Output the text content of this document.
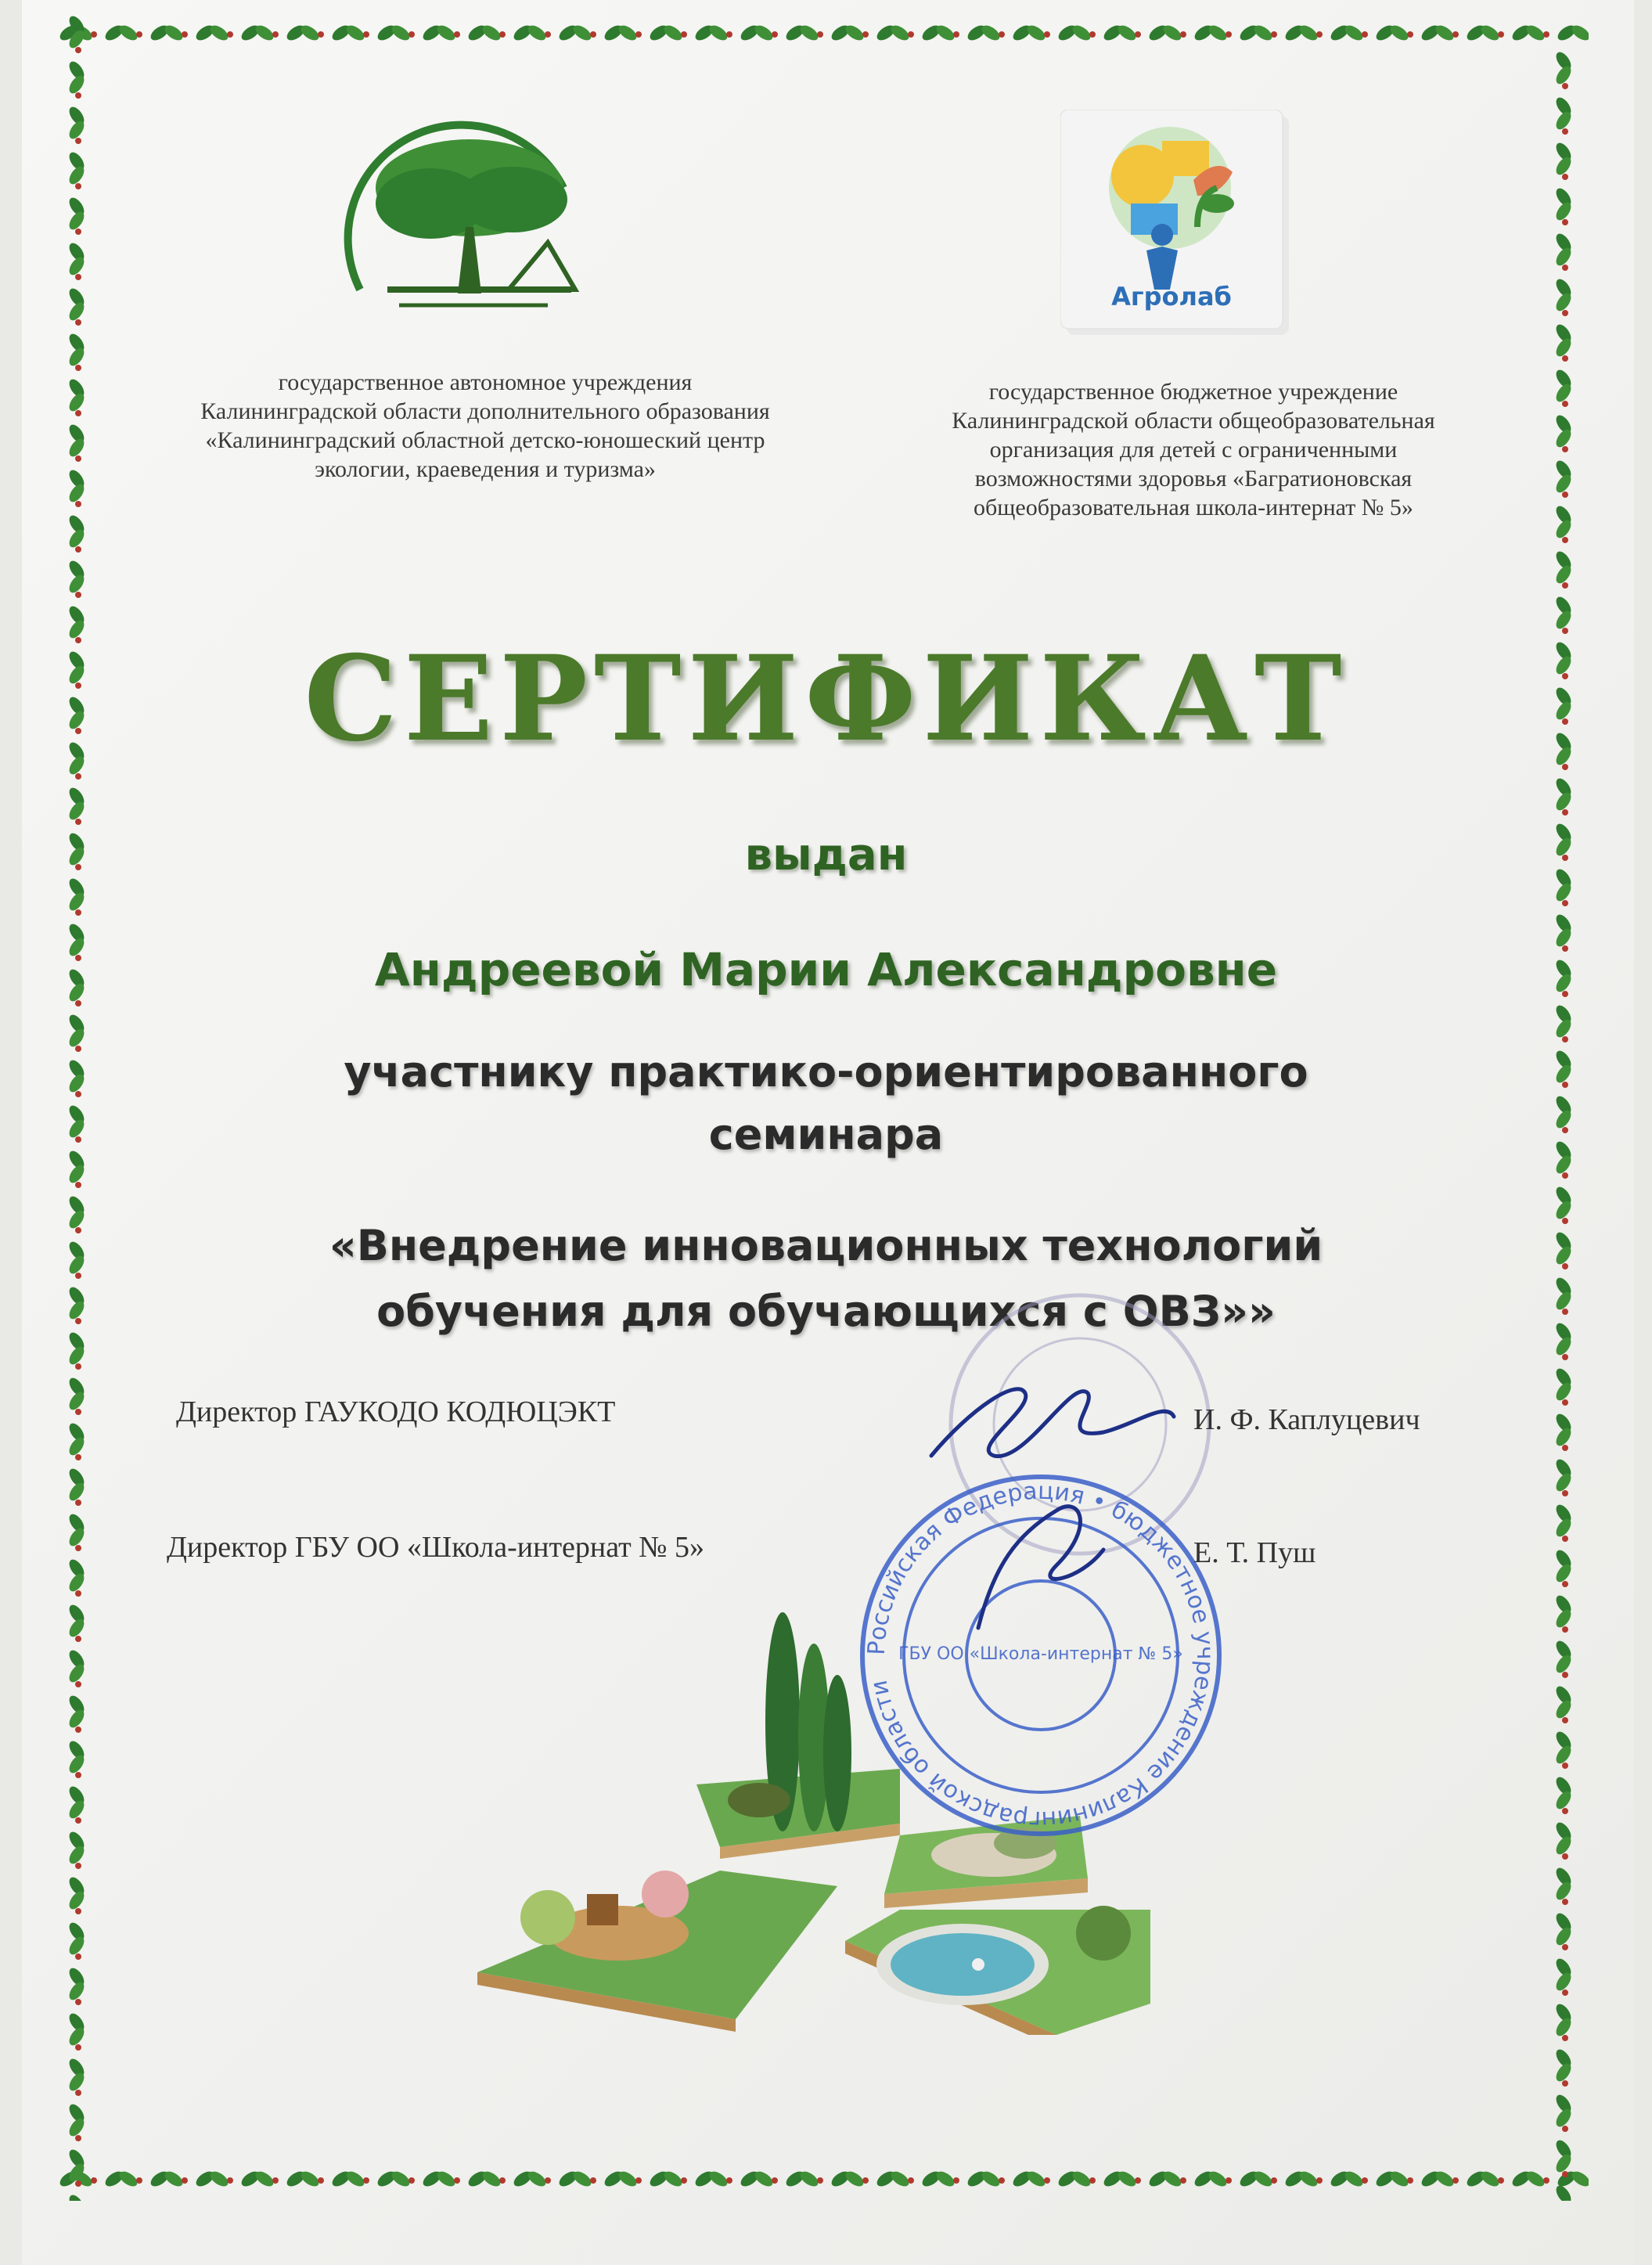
Агролаб
государственное автономное учреждения
Калининградской области дополнительного образования
«Калининградский областной детско-юношеский центр
экологии, краеведения и туризма»
государственное бюджетное учреждение
Калининградской области общеобразовательная
организация для детей с ограниченными
возможностями здоровья «Багратионовская
общеобразовательная школа-интернат № 5»
СЕРТИФИКАТ
выдан
Андреевой Марии Александровне
участнику практико-ориентированного
семинара
«Внедрение инновационных технологий
обучения для обучающихся с ОВЗ»»
Российская Федерация • бюджетное учреждение Калининградской области
ГБУ ОО «Школа-интернат № 5»
Директор ГАУКОДО КОДЮЦЭКТ	И. Ф. Каплуцевич
Директор ГБУ ОО «Школа-интернат № 5»	Е. Т. Пуш
